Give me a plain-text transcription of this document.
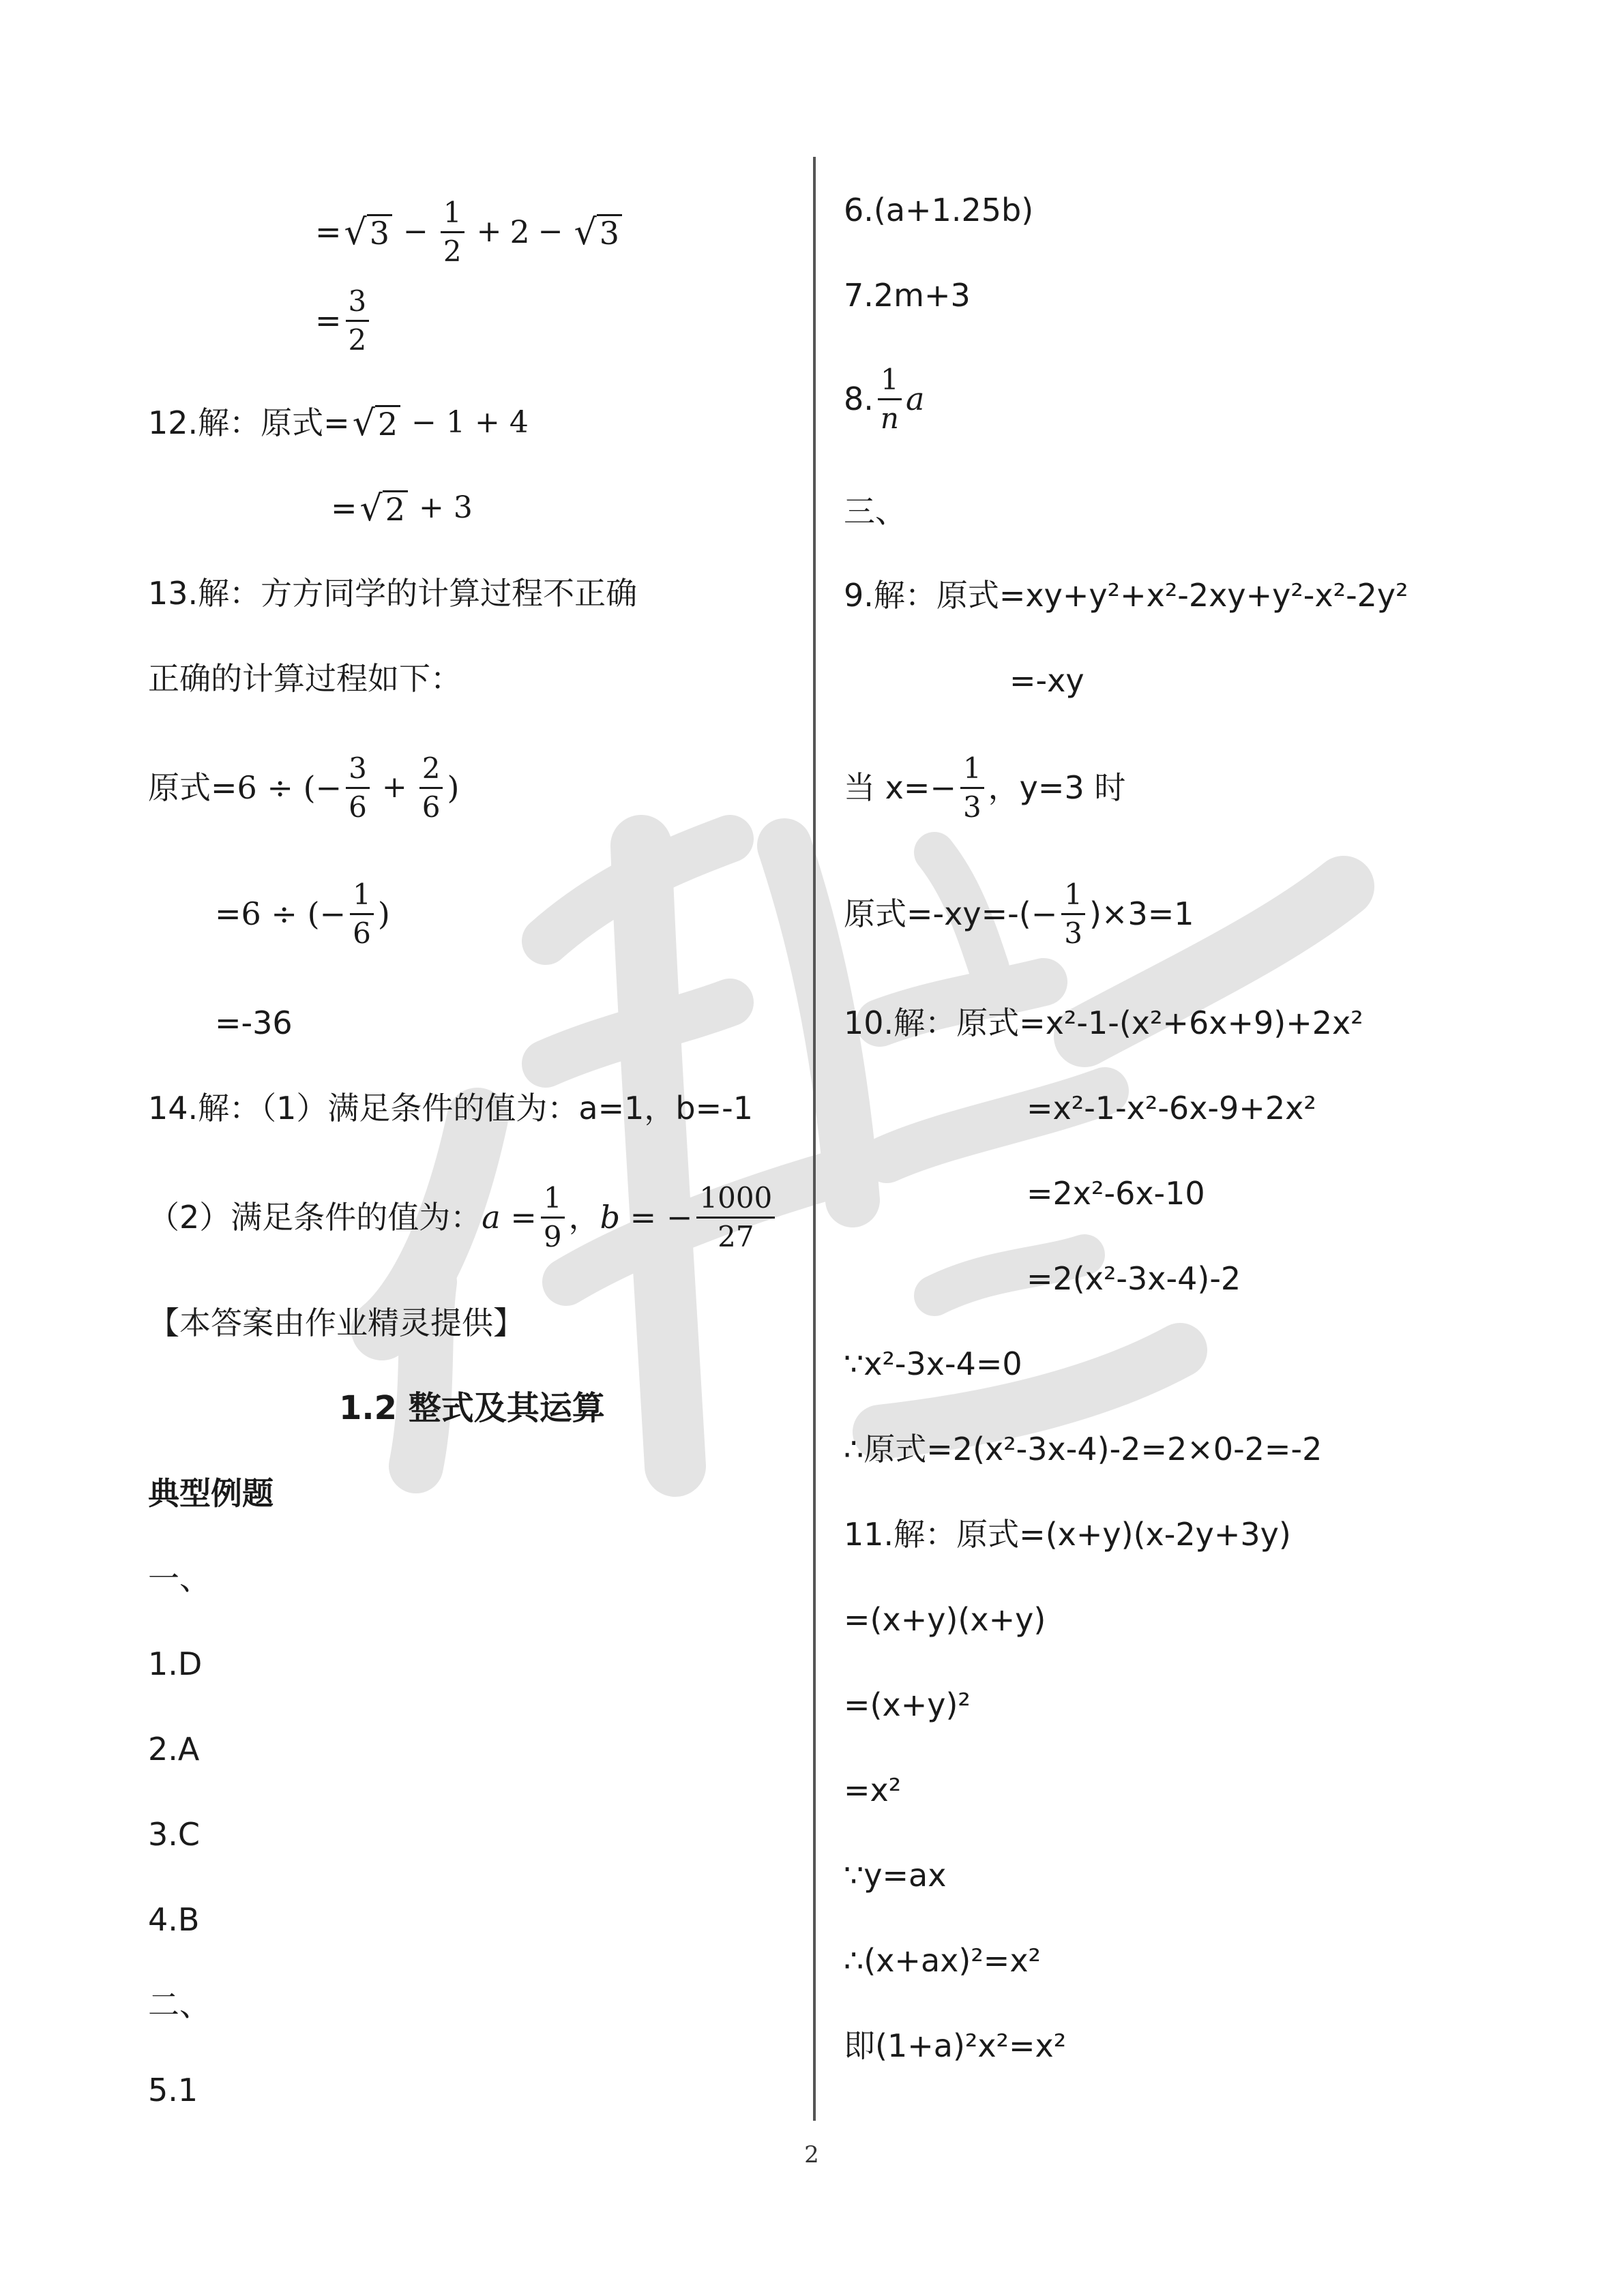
= √ $3 - \frac{1}{2} + 2$ − √ 3
= $\frac{3}{2}$
12.解：原式= √ 2 − 1 + 4
= √ 2 + 3
13.解：方方同学的计算过程不正确
正确的计算过程如下：
原式= 6 ÷ (− $\frac{3}{6} + \frac{2}{6}$ )
= 6 ÷ (− $\frac{1}{6}$ )
=-36
14.解：（1）满足条件的值为：a=1，b=-1
（2）满足条件的值为： $a = \frac{1}{9}$ ， b = − $\frac{1000}{27}$
【本答案由作业精灵提供】
1.2 整式及其运算
典型例题
一、
1.D
2.A
3.C
4.B
二、
5.1
6.(a+1.25b)
7.2m+3
8. $\frac{1}{n}$ a
三、
9.解：原式=xy+y²+x²-2xy+y²-x²-2y²
=-xy
当 $x= - \frac{1}{3}$ ，y=3 时
原式$=-xy=-( - \frac{1}{3} )\times 3=1$
10.解：原式=x²-1-(x²+6x+9)+2x²
=x²-1-x²-6x-9+2x²
=2x²-6x-10
=2(x²-3x-4)-2
∵x²-3x-4=0
∴原式=2(x²-3x-4)-2=2×0-2=-2
11.解：原式=(x+y)(x-2y+3y)
=(x+y)(x+y)
=(x+y)²
=x²
∵y=ax
∴(x+ax)²=x²
即(1+a)²x²=x²
2
